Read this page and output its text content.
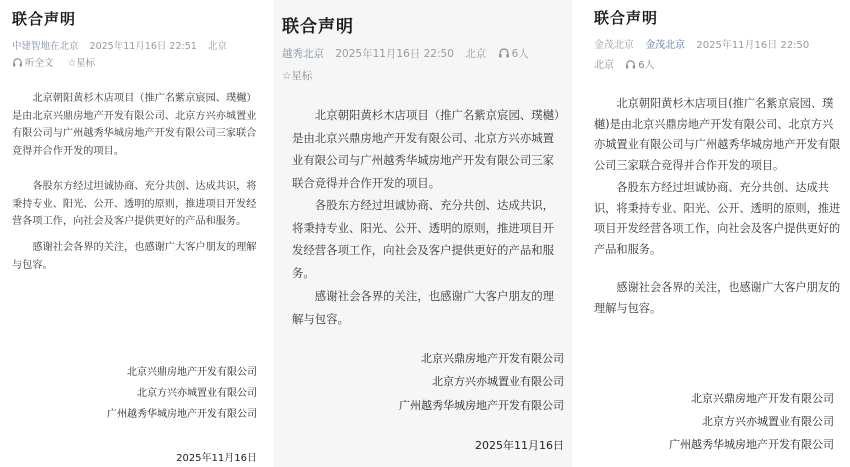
联合声明
中建智地在北京 2025年11月16日 22:51 北京
听全文 ☆星标
北京朝阳黄杉木店项目（推广名紫京宸园、璞樾）是由北京兴鼎房地产开发有限公司、北京方兴亦城置业有限公司与广州越秀华城房地产开发有限公司三家联合竞得并合作开发的项目。
各股东方经过坦诚协商、充分共创、达成共识，将秉持专业、阳光、公开、透明的原则，推进项目开发经营各项工作，向社会及客户提供更好的产品和服务。
感谢社会各界的关注，也感谢广大客户朋友的理解与包容。
北京兴鼎房地产开发有限公司
北京方兴亦城置业有限公司
广州越秀华城房地产开发有限公司
2025年11月16日
联合声明
越秀北京 2025年11月16日 22:50 北京 6人
☆星标
北京朝阳黄杉木店项目（推广名紫京宸园、璞樾）是由北京兴鼎房地产开发有限公司、北京方兴亦城置业有限公司与广州越秀华城房地产开发有限公司三家联合竞得并合作开发的项目。
各股东方经过坦诚协商、充分共创、达成共识，将秉持专业、阳光、公开、透明的原则，推进项目开发经营各项工作，向社会及客户提供更好的产品和服务。
感谢社会各界的关注，也感谢广大客户朋友的理解与包容。
北京兴鼎房地产开发有限公司
北京方兴亦城置业有限公司
广州越秀华城房地产开发有限公司
2025年11月16日
联合声明
金茂北京 金茂北京 2025年11月16日 22:50
北京 6人
北京朝阳黄杉木店项目(推广名紫京宸园、璞樾)是由北京兴鼎房地产开发有限公司、北京方兴亦城置业有限公司与广州越秀华城房地产开发有限公司三家联合竞得并合作开发的项目。
各股东方经过坦诚协商、充分共创、达成共识，将秉持专业、阳光、公开、透明的原则，推进项目开发经营各项工作，向社会及客户提供更好的产品和服务。
感谢社会各界的关注，也感谢广大客户朋友的理解与包容。
北京兴鼎房地产开发有限公司
北京方兴亦城置业有限公司
广州越秀华城房地产开发有限公司
